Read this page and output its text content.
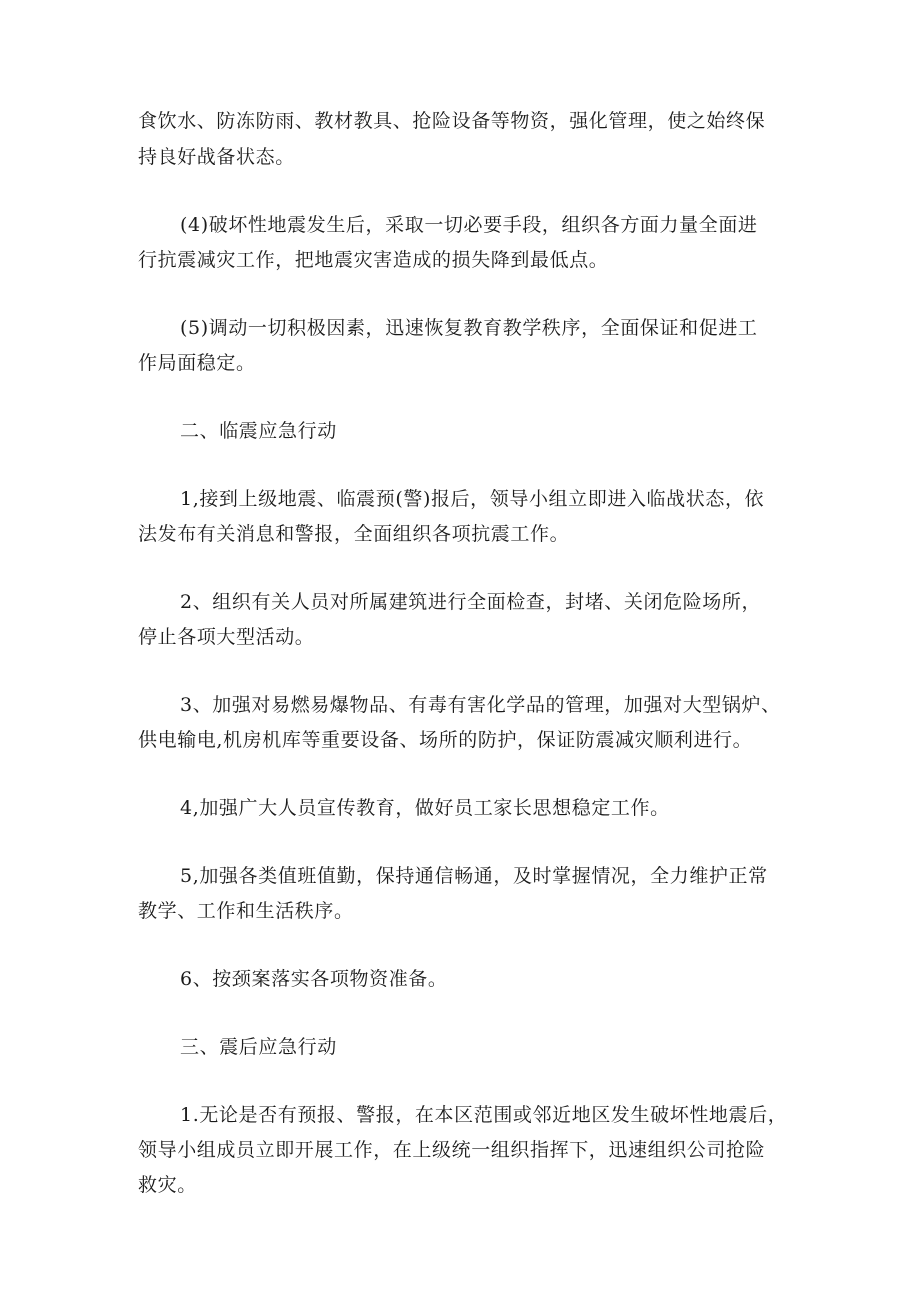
食饮水、防冻防雨、教材教具、抢险设备等物资，强化管理，使之始终保
持良好战备状态。
(4)破坏性地震发生后，采取一切必要手段，组织各方面力量全面进
行抗震减灾工作，把地震灾害造成的损失降到最低点。
(5)调动一切积极因素，迅速恢复教育教学秩序，全面保证和促进工
作局面稳定。
二、临震应急行动
1,接到上级地震、临震预(警)报后，领导小组立即进入临战状态，依
法发布有关消息和警报，全面组织各项抗震工作。
2、组织有关人员对所属建筑进行全面检查，封堵、关闭危险场所，
停止各项大型活动。
3、加强对易燃易爆物品、有毒有害化学品的管理，加强对大型锅炉、
供电输电,机房机库等重要设备、场所的防护，保证防震减灾顺利进行。
4,加强广大人员宣传教育，做好员工家长思想稳定工作。
5,加强各类值班值勤，保持通信畅通，及时掌握情况，全力维护正常
教学、工作和生活秩序。
6、按颈案落实各项物资准备。
三、震后应急行动
1.无论是否有预报、警报，在本区范围或邻近地区发生破坏性地震后，
领导小组成员立即开展工作，在上级统一组织指挥下，迅速组织公司抢险
救灾。
